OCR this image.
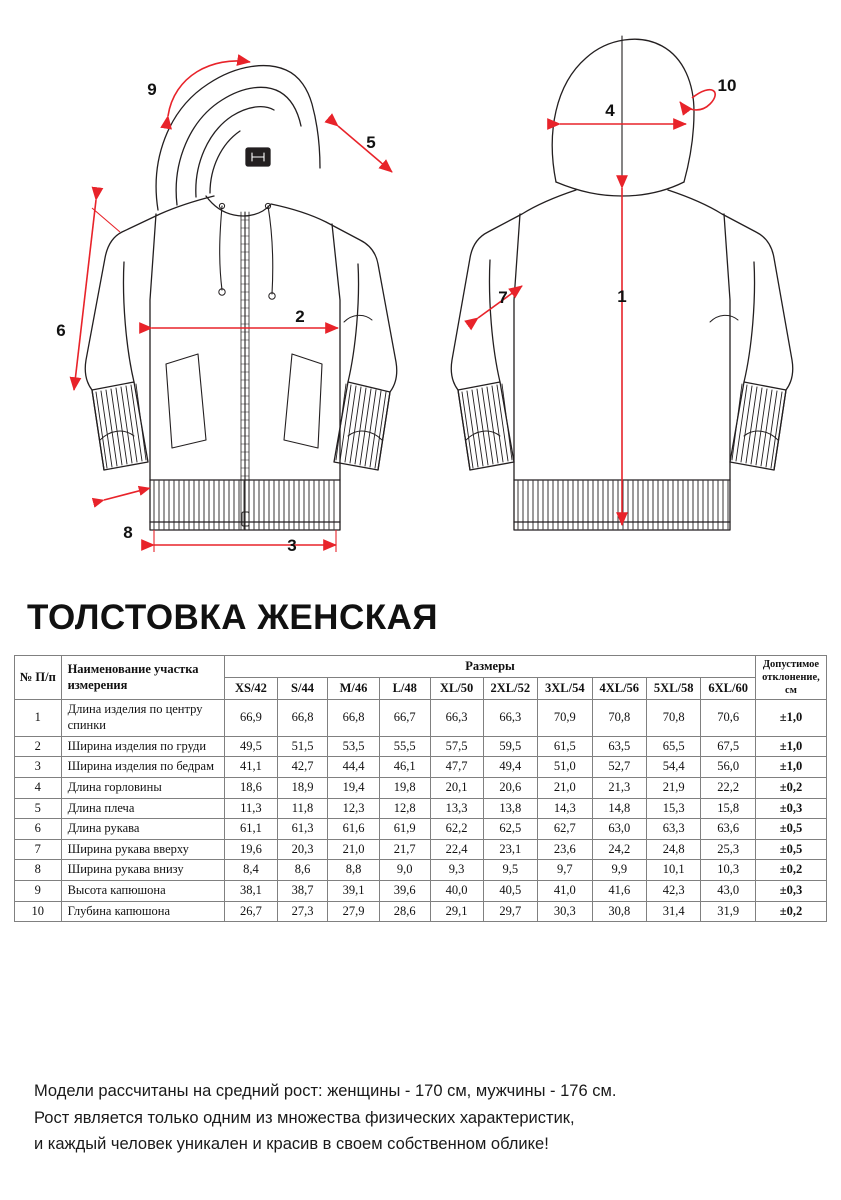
1
2
3
4
5
6
7
8
9	10
ТОЛСТОВКА ЖЕНСКАЯ
№ П/п	Наименование участка измерения	Размеры										Допустимое отклонение, см
		XS/42	S/44	M/46	L/48	XL/50	2XL/52	3XL/54	4XL/56	5XL/58	6XL/60	
1	Длина изделия по центру спинки	66,9	66,8	66,8	66,7	66,3	66,3	70,9	70,8	70,8	70,6	±1,0
2	Ширина изделия по груди	49,5	51,5	53,5	55,5	57,5	59,5	61,5	63,5	65,5	67,5	±1,0
3	Ширина изделия по бедрам	41,1	42,7	44,4	46,1	47,7	49,4	51,0	52,7	54,4	56,0	±1,0
4	Длина горловины	18,6	18,9	19,4	19,8	20,1	20,6	21,0	21,3	21,9	22,2	±0,2
5	Длина плеча	11,3	11,8	12,3	12,8	13,3	13,8	14,3	14,8	15,3	15,8	±0,3
6	Длина рукава	61,1	61,3	61,6	61,9	62,2	62,5	62,7	63,0	63,3	63,6	±0,5
7	Ширина рукава вверху	19,6	20,3	21,0	21,7	22,4	23,1	23,6	24,2	24,8	25,3	±0,5
8	Ширина рукава внизу	8,4	8,6	8,8	9,0	9,3	9,5	9,7	9,9	10,1	10,3	±0,2
9	Высота капюшона	38,1	38,7	39,1	39,6	40,0	40,5	41,0	41,6	42,3	43,0	±0,3
10	Глубина капюшона	26,7	27,3	27,9	28,6	29,1	29,7	30,3	30,8	31,4	31,9	±0,2
Модели рассчитаны на средний рост: женщины - 170 см, мужчины - 176 см.
Рост является только одним из множества физических характеристик,
и каждый человек уникален и красив в своем собственном облике!
